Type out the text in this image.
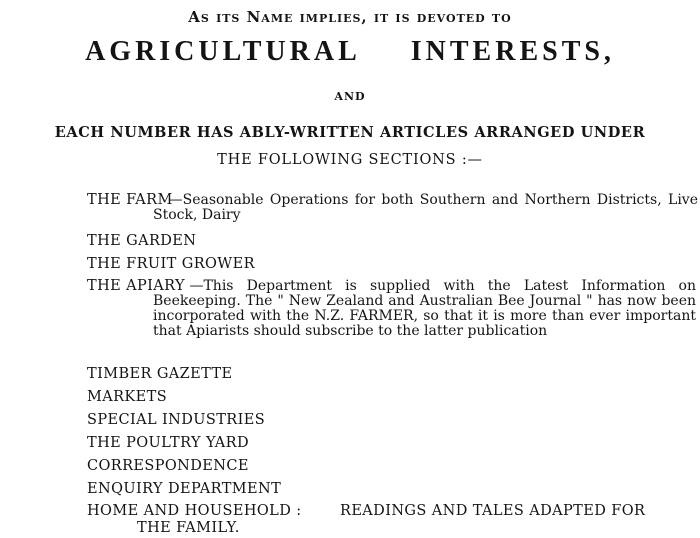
As its Name implies, it is devoted to
AGRICULTURAL INTERESTS,
AND
EACH NUMBER HAS ABLY-WRITTEN ARTICLES ARRANGED UNDER
THE FOLLOWING SECTIONS :—
THE FARM
—Seasonable Operations for both Southern and Northern Districts, Live Stock, Dairy
THE GARDEN
THE FRUIT GROWER
THE APIARY —This Department is supplied with the Latest Information on Beekeeping. The " New Zealand and Australian Bee Journal " has now been incorporated with the N.Z. FARMER, so that it is more than ever important that Apiarists should subscribe to the latter publication
TIMBER GAZETTE
MARKETS
SPECIAL INDUSTRIES
THE POULTRY YARD
CORRESPONDENCE
ENQUIRY DEPARTMENT
HOME AND HOUSEHOLD :	READINGS AND TALES ADAPTED FOR
THE FAMILY.
